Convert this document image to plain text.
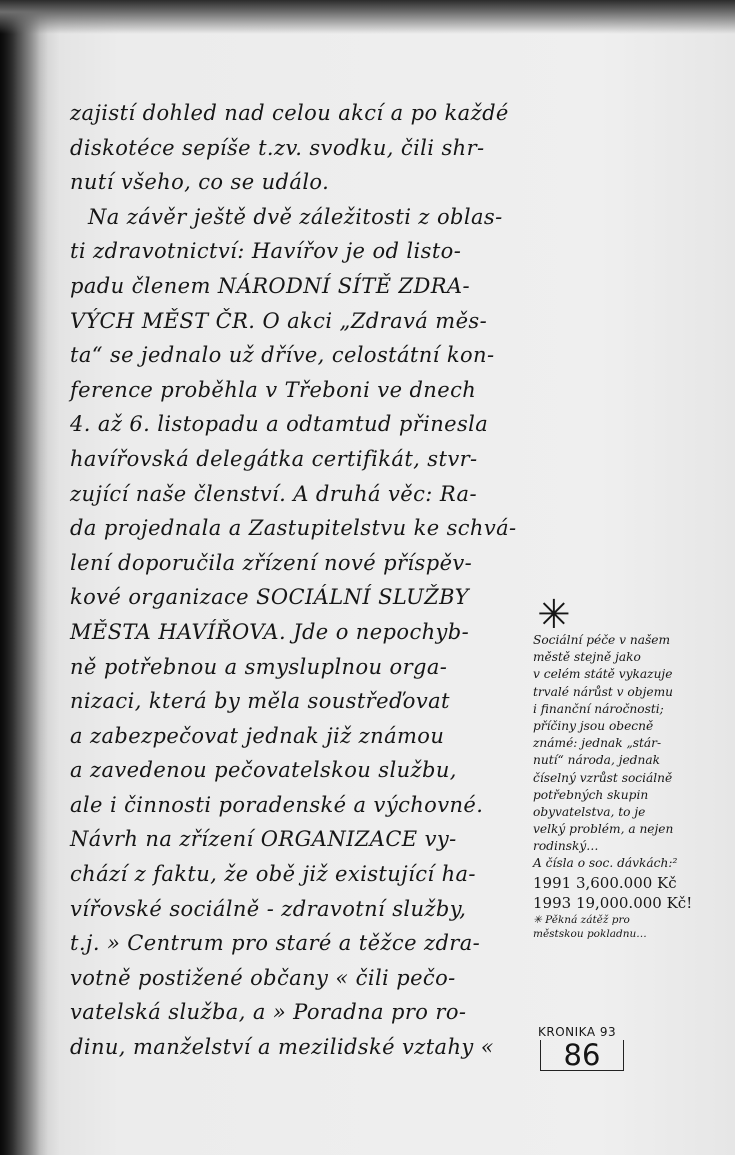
zajistí dohled nad celou akcí a po každé
diskotéce sepíše t.zv. svodku, čili shr-
nutí všeho, co se událo.
Na závěr ještě dvě záležitosti z oblas-
ti zdravotnictví: Havířov je od listo-
padu členem NÁRODNÍ SÍTĚ ZDRA-
VÝCH MĚST ČR. O akci „Zdravá měs-
ta“ se jednalo už dříve, celostátní kon-
ference proběhla v Třeboni ve dnech
4. až 6. listopadu a odtamtud přinesla
havířovská delegátka certifikát, stvr-
zující naše členství. A druhá věc: Ra-
da projednala a Zastupitelstvu ke schvá-
lení doporučila zřízení nové příspěv-
kové organizace SOCIÁLNÍ SLUŽBY
MĚSTA HAVÍŘOVA. Jde o nepochyb-
ně potřebnou a smysluplnou orga-
nizaci, která by měla soustřeďovat
a zabezpečovat jednak již známou
a zavedenou pečovatelskou službu,
ale i činnosti poradenské a výchovné.
Návrh na zřízení ORGANIZACE vy-
chází z faktu, že obě již existující ha-
vířovské sociálně - zdravotní služby,
t.j. » Centrum pro staré a těžce zdra-
votně postižené občany « čili pečo-
vatelská služba, a » Poradna pro ro-
dinu, manželství a mezilidské vztahy «
✳
Sociální péče v našem
městě stejně jako
v celém státě vykazuje
trvalé nárůst v objemu
i finanční náročnosti;
příčiny jsou obecně
známé: jednak „stár-
nutí“ národa, jednak
číselný vzrůst sociálně
potřebných skupin
obyvatelstva, to je
velký problém, a nejen
rodinský…
A čísla o soc. dávkách:²
1991 3,600.000 Kč
1993 19,000.000 Kč!
✳ Pěkná zátěž pro
městskou pokladnu…
KRONIKA 93
86
